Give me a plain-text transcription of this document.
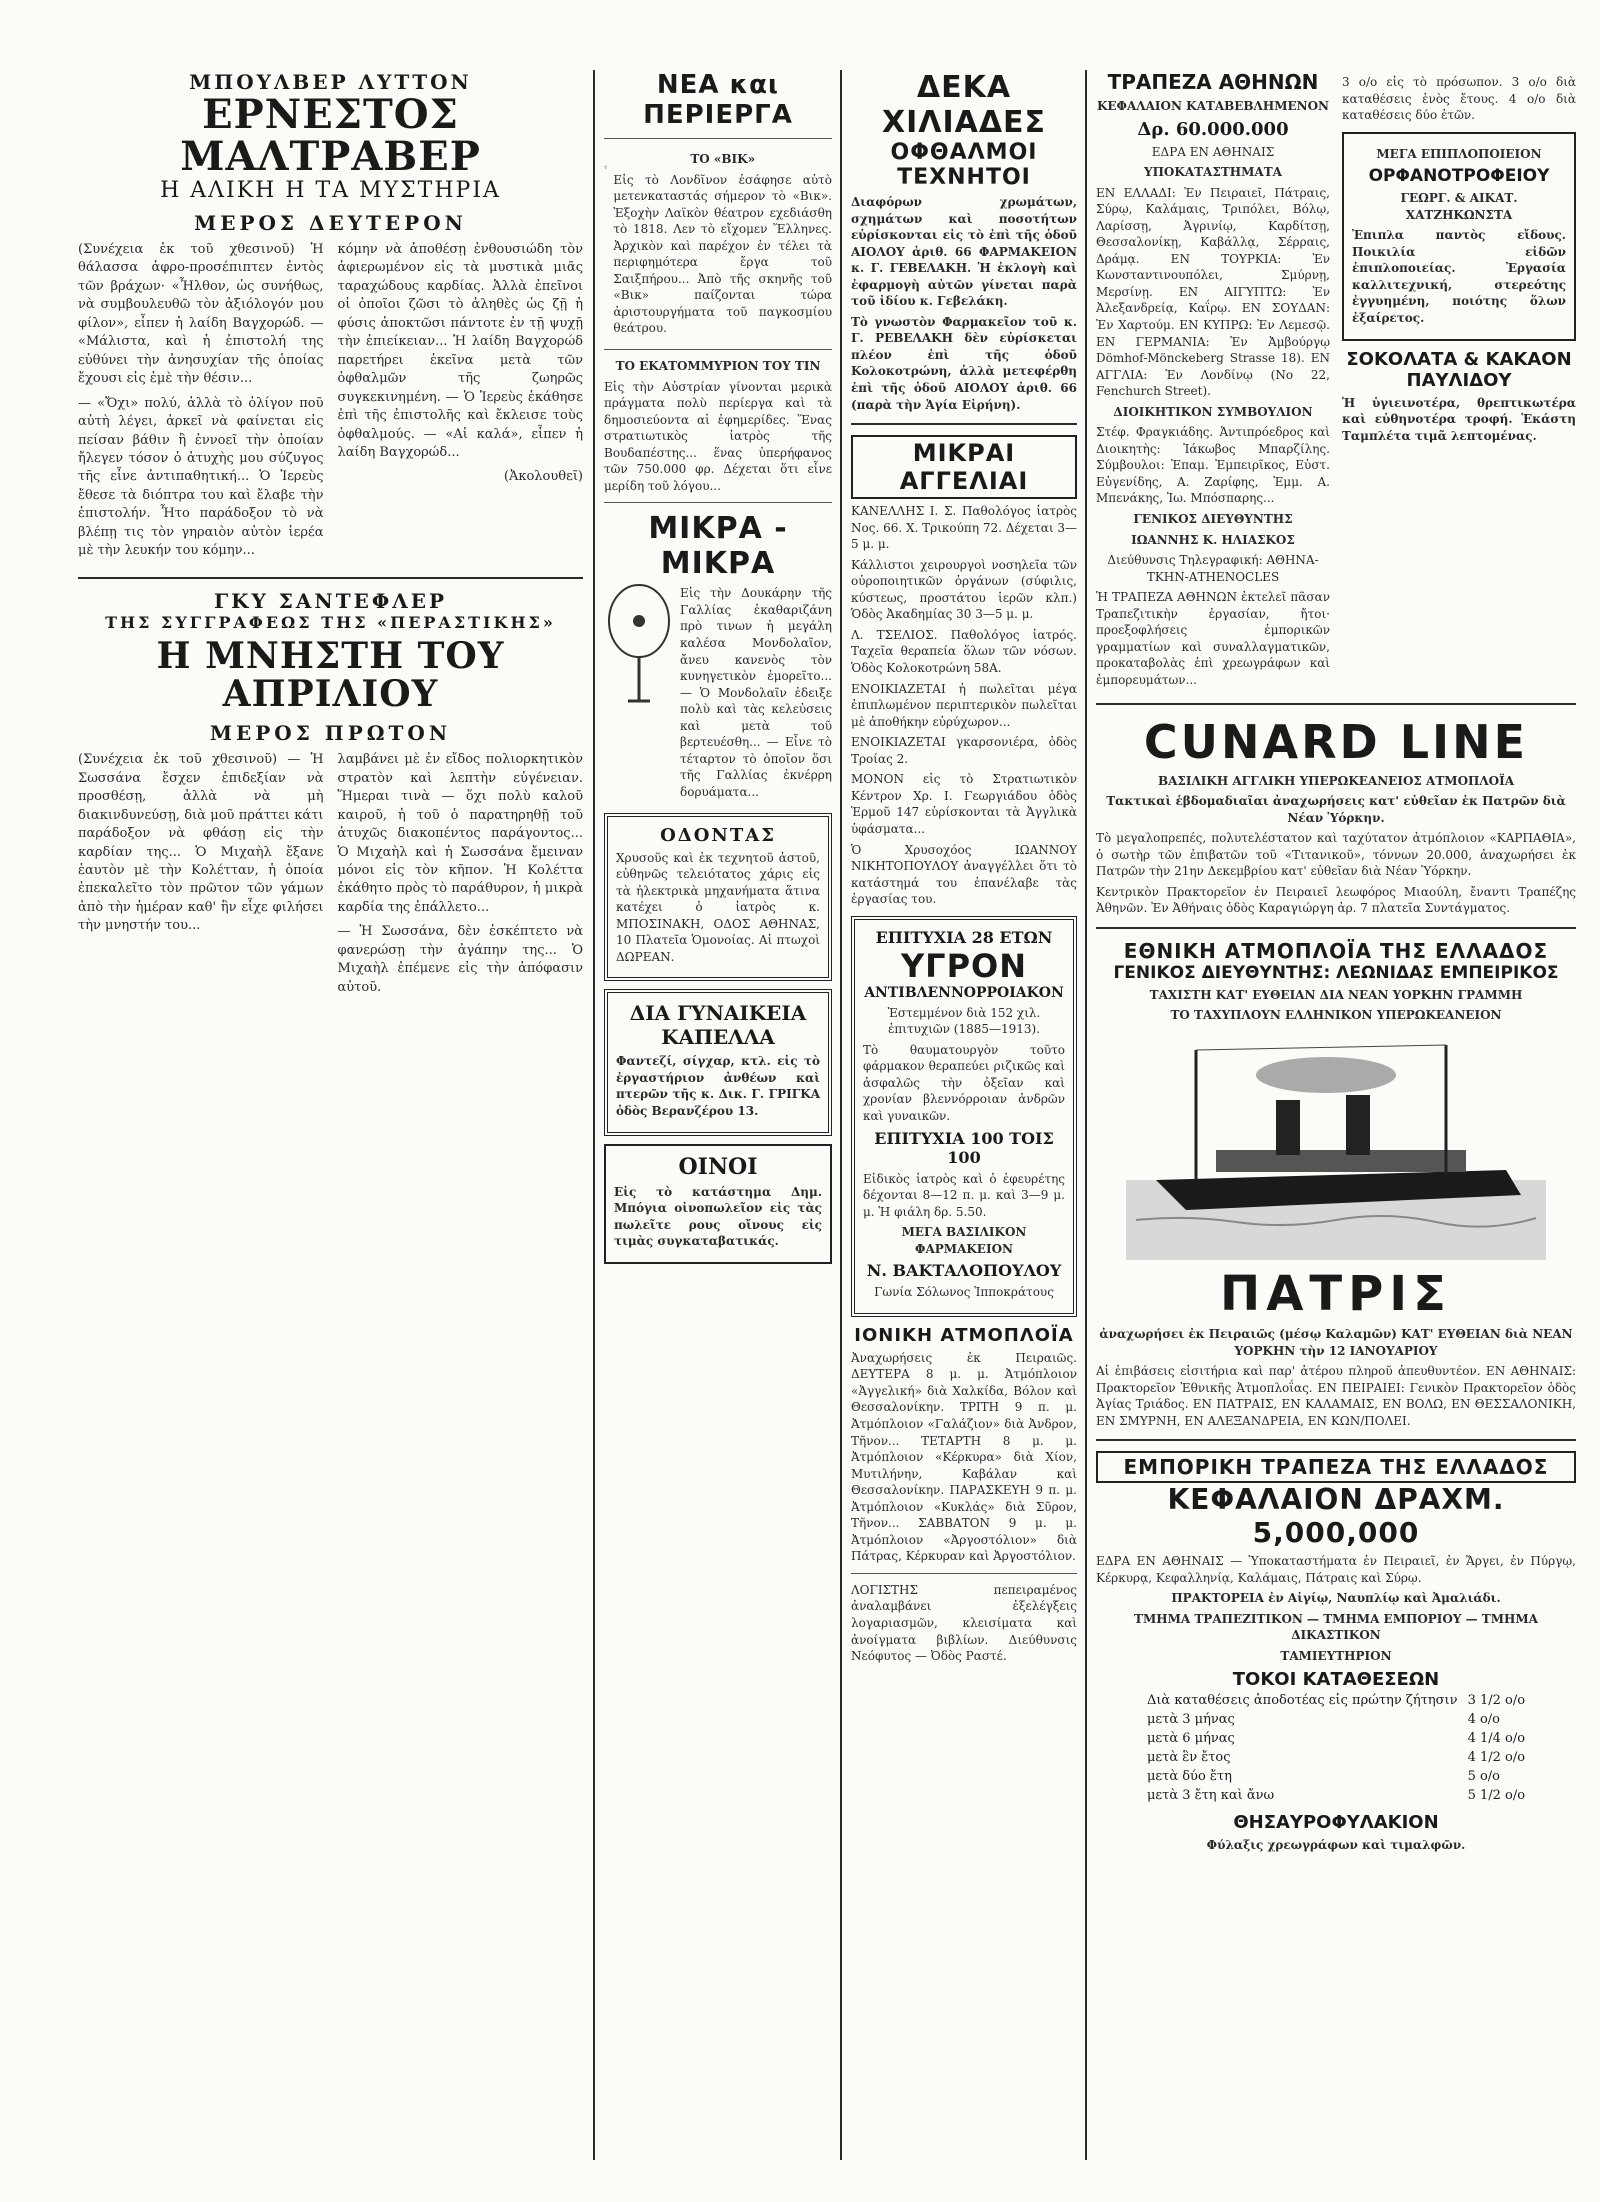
ΜΠΟΥΛΒΕΡ ΛΥΤΤΟΝ
ΕΡΝΕΣΤΟΣ ΜΑΛΤΡΑΒΕΡ
Η ΑΛΙΚΗ Η ΤΑ ΜΥΣΤΗΡΙΑ
ΜΕΡΟΣ ΔΕΥΤΕΡΟΝ

(Συνέχεια ἐκ τοῦ χθεσινοῦ) Ἡ θάλασσα ἀφρο-προσέπιπτεν ἐντὸς τῶν βράχων· «Ἦλθον, ὡς συνήθως, νὰ συμβουλευθῶ τὸν ἀξιόλογόν μου φίλον», εἶπεν ἡ λαίδη Βαγχορώδ. — «Μάλιστα, καὶ ἡ ἐπιστολή της εὐθύνει τὴν ἀνησυχίαν τῆς ὁποίας ἔχουσι εἰς ἐμὲ τὴν θέσιν...

— «Ὄχι» πολύ, ἀλλὰ τὸ ὀλίγον ποῦ αὐτὴ λέγει, ἀρκεῖ νὰ φαίνεται εἰς πείσαν βάθιν ἢ ἐννοεῖ τὴν ὁποίαν ἤλεγεν τόσον ὁ ἀτυχὴς μου σύζυγος τῆς εἶνε ἀντιπαθητική... Ὁ Ἰερεὺς ἔθεσε τὰ διόπτρα του καὶ ἔλαβε τὴν ἐπιστολήν. Ἦτο παράδοξον τὸ νὰ βλέπῃ τις τὸν γηραιὸν αὐτὸν ἱερέα μὲ τὴν λευκήν του κόμην...

κόμην νὰ ἀποθέσῃ ἐνθουσιώδη τὸν ἀφιερωμένον εἰς τὰ μυστικὰ μιᾶς ταραχώδους καρδίας. Ἀλλὰ ἐπεῖνοι οἱ ὁποῖοι ζῶσι τὸ ἀληθὲς ὡς ζῇ ἡ φύσις ἀποκτῶσι πάντοτε ἐν τῇ ψυχῇ τὴν ἐπιείκειαν... Ἡ λαίδη Βαγχορώδ παρετήρει ἐκεῖνα μετὰ τῶν ὀφθαλμῶν τῆς ζωηρῶς συγκεκινημένη. — Ὁ Ἰερεὺς ἐκάθησε ἐπὶ τῆς ἐπιστολῆς καὶ ἔκλεισε τοὺς ὀφθαλμούς. — «Αἱ καλά», εἶπεν ἡ λαίδη Βαγχορώδ...

(Ἀκολουθεῖ)

ΓΚΥ ΣΑΝΤΕΦΛΕΡ
ΤΗΣ ΣΥΓΓΡΑΦΕΩΣ ΤΗΣ «ΠΕΡΑΣΤΙΚΗΣ»
Η ΜΝΗΣΤΗ ΤΟΥ ΑΠΡΙΛΙΟΥ
ΜΕΡΟΣ ΠΡΩΤΟΝ

(Συνέχεια ἐκ τοῦ χθεσινοῦ) — Ἡ Σωσσάνα ἔσχεν ἐπιδεξίαν νὰ προσθέσῃ, ἀλλὰ νὰ μὴ διακινδυνεύσῃ, διὰ μοῦ πράττει κάτι παράδοξον νὰ φθάσῃ εἰς τὴν καρδίαν της... Ὁ Μιχαὴλ ἔξανε ἑαυτὸν μὲ τὴν Κολέτταν, ἡ ὁποία ἐπεκαλεῖτο τὸν πρῶτον τῶν γάμων ἀπὸ τὴν ἡμέραν καθ' ἣν εἶχε φιλήσει τὴν μνηστήν του...

λαμβάνει μὲ ἐν εἴδος πολιορκητικὸν στρατὸν καὶ λεπτὴν εὐγένειαν. Ἥμεραι τινὰ — ὅχι πολὺ καλοῦ καιροῦ, ἡ τοῦ ὁ παρατηρηθῇ τοῦ ἀτυχῶς διακοπέντος παράγοντος... Ὁ Μιχαὴλ καὶ ἡ Σωσσάνα ἔμειναν μόνοι εἰς τὸν κῆπον. Ἡ Κολέττα ἐκάθητο πρὸς τὸ παράθυρον, ἡ μικρὰ καρδία της ἐπάλλετο...

— Ἡ Σωσσάνα, δὲν ἐσκέπτετο νὰ φανερώσῃ τὴν ἀγάπην της... Ὁ Μιχαὴλ ἐπέμενε εἰς τὴν ἀπόφασιν αὐτοῦ.

ΝΕΑ και ΠΕΡΙΕΡΓΑ
ΤΟ «ΒΙΚ»

Εἰς τὸ Λονδῖνον ἐσάφησε αὐτὸ μετενκαταστάς σήμερον τὸ «Βικ». Ἐξοχὴν Λαϊκὸν θέατρον εχεδιάσθη τὸ 1818. Λεν τὸ εἴχομεν Ἕλληνες. Ἀρχικὸν καὶ παρέχον ἐν τέλει τὰ περιφημότερα ἔργα τοῦ Σαιξπήρου... Ἀπὸ τῆς σκηνῆς τοῦ «Βικ» παίζονται τώρα ἀριστουργήματα τοῦ παγκοσμίου θεάτρου.

ΤΟ ΕΚΑΤΟΜΜΥΡΙΟΝ ΤΟΥ ΤΙΝ

Εἰς τὴν Αὐστρίαν γίνονται μερικὰ πράγματα πολὺ περίεργα καὶ τὰ δημοσιεύοντα αἱ ἐφημερίδες. Ἕνας στρατιωτικὸς ἰατρὸς τῆς Βουδαπέστης... ἕνας ὑπερήφανος τῶν 750.000 φρ. Δέχεται ὅτι εἶνε μερίδη τοῦ λόγου...

ΜΙΚΡΑ - ΜΙΚΡΑ

Εἰς τὴν Δουκάρην τῆς Γαλλίας ἐκαθαριζάνη πρὸ τινων ἡ μεγάλη καλέσα Μονδολαῖον, ἄνευ κανενὸς τὸν κυνηγετικὸν ἐμορεῖτο... — Ὁ Μονδολαῖν ἐδειξε πολὺ καὶ τὰς κελεὐσεις καὶ μετὰ τοῦ βερτευέσθη... — Εἶνε τὸ τέταρτον τὸ ὁποῖον ὅσι τῆς Γαλλίας ἐκνέρρη δορυάματα...

ΟΔΟΝΤΑΣ

Χρυσοῦς καὶ ἐκ τεχνητοῦ ἀστοῦ, εὐθηνῶς τελειότατος χάρις εἰς τὰ ἠλεκτρικὰ μηχανήματα ἅτινα κατέχει ὁ ἰατρὸς κ. ΜΠΟΣΙΝΑΚΗ, ΟΔΟΣ ΑΘΗΝΑΣ, 10 Πλατεῖα Ὁμονοίας. Αἱ πτωχοὶ ΔΩΡΕΑΝ.

ΔΙΑ ΓΥΝΑΙΚΕΙΑ ΚΑΠΕΛΛΑ

Φαντεζί, σίγχαρ, κτλ. εἰς τὸ ἐργαστήριον ἀνθέων καὶ πτερῶν τῆς κ. Δικ. Γ. ΓΡΙΓΚΑ ὁδὸς Βερανζέρου 13.

ΟΙΝΟΙ

Εἰς τὸ κατάστημα Δημ. Μπόγια οἰνοπωλεῖον εἰς τὰς πωλεῖτε ρους οἴνους εἰς τιμὰς συγκαταβατικάς.

ΔΕΚΑ ΧΙΛΙΑΔΕΣ
ΟΦΘΑΛΜΟΙ ΤΕΧΝΗΤΟΙ

Διαφόρων χρωμάτων, σχημάτων καὶ ποσοτήτων εὑρίσκονται εἰς τὸ ἐπὶ τῆς ὁδοῦ ΑΙΟΛΟΥ ἀριθ. 66 ΦΑΡΜΑΚΕΙΟΝ κ. Γ. ΓΕΒΕΛΑΚΗ. Ἡ ἐκλογὴ καὶ ἐφαρμογὴ αὐτῶν γίνεται παρὰ τοῦ ἰδίου κ. Γεβελάκη.

Τὸ γνωστὸν Φαρμακεῖον τοῦ κ. Γ. ΡΕΒΕΛΑΚΗ δὲν εὑρίσκεται πλέον ἐπὶ τῆς ὁδοῦ Κολοκοτρώνη, ἀλλὰ μετεφέρθη ἐπὶ τῆς ὁδοῦ ΑΙΟΛΟΥ ἀριθ. 66 (παρὰ τὴν Ἁγία Εἰρήνη).

ΜΙΚΡΑΙ ΑΓΓΕΛΙΑΙ

ΚΑΝΕΛΛΗΣ Ι. Σ. Παθολόγος ἰατρὸς Νος. 66. Χ. Τρικούπη 72. Δέχεται 3—5 μ. μ.

Κάλλιστοι χειρουργοὶ νοσηλεῖα τῶν οὐροποιητικῶν ὀργάνων (σύφιλις, κύστεως, προστάτου ἱερῶν κλπ.) Ὁδὸς Ἀκαδημίας 30 3—5 μ. μ.

Λ. ΤΣΕΛΙΟΣ. Παθολόγος ἰατρός. Ταχεῖα θεραπεία ὅλων τῶν νόσων. Ὁδὸς Κολοκοτρώνη 58Α.

ΕΝΟΙΚΙΑΖΕΤΑΙ ἡ πωλεῖται μέγα ἐπιπλωμένον περιπτερικὸν πωλεῖται μὲ ἀποθήκην εὐρύχωρον...

ΕΝΟΙΚΙΑΖΕΤΑΙ γκαρσονιέρα, ὁδὸς Τροίας 2.

ΜΟΝΟΝ εἰς τὸ Στρατιωτικὸν Κέντρον Χρ. Ι. Γεωργιάδου ὁδὸς Ἑρμοῦ 147 εὑρίσκονται τὰ Ἀγγλικὰ ὑφάσματα...

Ὁ Χρυσοχόος ΙΩΑΝΝΟΥ ΝΙΚΗΤΟΠΟΥΛΟΥ ἀναγγέλλει ὅτι τὸ κατάστημά του ἐπανέλαβε τὰς ἐργασίας του.

ΕΠΙΤΥΧΙΑ 28 ΕΤΩΝ
ΥΓΡΟΝ
ΑΝΤΙΒΛΕΝΝΟΡΡΟΙΑΚΟΝ

Ἐστεμμένον διὰ 152 χιλ. ἐπιτυχιῶν (1885—1913).

Τὸ θαυματουργὸν τοῦτο φάρμακον θεραπεύει ριζικῶς καὶ ἀσφαλῶς τὴν ὀξεῖαν καὶ χρονίαν βλεννόρροιαν ἀνδρῶν καὶ γυναικῶν.

ΕΠΙΤΥΧΙΑ 100 ΤΟΙΣ 100

Εἰδικὸς ἰατρὸς καὶ ὁ ἐφευρέτης δέχονται 8—12 π. μ. καὶ 3—9 μ. μ. Ἡ φιάλη δρ. 5.50.

ΜΕΓΑ ΒΑΣΙΛΙΚΟΝ ΦΑΡΜΑΚΕΙΟΝ
Ν. ΒΑΚΤΑΛΟΠΟΥΛΟΥ
Γωνία Σόλωνος Ἱπποκράτους
ΙΟΝΙΚΗ ΑΤΜΟΠΛΟΪΑ

Ἀναχωρήσεις ἐκ Πειραιῶς. ΔΕΥΤΕΡΑ 8 μ. μ. Ἀτμόπλοιον «Ἀγγελική» διὰ Χαλκίδα, Βόλον καὶ Θεσσαλονίκην. ΤΡΙΤΗ 9 π. μ. Ἀτμόπλοιον «Γαλάζιον» διὰ Ἀνδρον, Τῆνον... ΤΕΤΑΡΤΗ 8 μ. μ. Ἀτμόπλοιον «Κέρκυρα» διὰ Χίον, Μυτιλήνην, Καβάλαν καὶ Θεσσαλονίκην. ΠΑΡΑΣΚΕΥΗ 9 π. μ. Ἀτμόπλοιον «Κυκλάς» διὰ Σῦρον, Τῆνον... ΣΑΒΒΑΤΟΝ 9 μ. μ. Ἀτμόπλοιον «Ἀργοστόλιον» διὰ Πάτρας, Κέρκυραν καὶ Ἀργοστόλιον.

ΛΟΓΙΣΤΗΣ πεπειραμένος ἀναλαμβάνει ἐξελέγξεις λογαριασμῶν, κλεισίματα καὶ ἀνοίγματα βιβλίων. Διεύθυνσις Νεόφυτος — Ὀδὸς Ραστέ.

ΤΡΑΠΕΖΑ ΑΘΗΝΩΝ
ΚΕΦΑΛΑΙΟΝ ΚΑΤΑΒΕΒΛΗΜΕΝΟΝ
Δρ. 60.000.000
ΕΔΡΑ ΕΝ ΑΘΗΝΑΙΣ
ΥΠΟΚΑΤΑΣΤΗΜΑΤΑ

ΕΝ ΕΛΛΑΔΙ: Ἐν Πειραιεῖ, Πάτραις, Σύρῳ, Καλάμαις, Τριπόλει, Βόλῳ, Λαρίσσῃ, Ἀγρινίῳ, Καρδίτσῃ, Θεσσαλονίκῃ, Καβάλλᾳ, Σέρραις, Δράμᾳ. ΕΝ ΤΟΥΡΚΙΑ: Ἐν Κωνσταντινουπόλει, Σμύρνῃ, Μερσίνῃ. ΕΝ ΑΙΓΥΠΤΩ: Ἐν Ἀλεξανδρείᾳ, Καΐρῳ. ΕΝ ΣΟΥΔΑΝ: Ἐν Χαρτούμ. ΕΝ ΚΥΠΡΩ: Ἐν Λεμεσῷ. ΕΝ ΓΕΡΜΑΝΙΑ: Ἐν Ἀμβούργῳ Dömhof-Mönckeberg Strasse 18). ΕΝ ΑΓΓΛΙΑ: Ἐν Λονδίνῳ (No 22, Fenchurch Street).

ΔΙΟΙΚΗΤΙΚΟΝ ΣΥΜΒΟΥΛΙΟΝ

Στέφ. Φραγκιάδης. Ἀντιπρόεδρος καὶ Διοικητὴς: Ἰάκωβος Μπαρζίλης. Σύμβουλοι: Ἐπαμ. Ἐμπειρῖκος, Εὐστ. Εὐγενίδης, Α. Ζαρίφης, Ἐμμ. Α. Μπενάκης, Ἰω. Μπόσπαρης...

ΓΕΝΙΚΟΣ ΔΙΕΥΘΥΝΤΗΣ
ΙΩΑΝΝΗΣ Κ. ΗΛΙΑΣΚΟΣ
Διεύθυνσις Τηλεγραφική: ΑΘΗΝΑ-ΤΚΗΝ-ΑΤΗΕΝΟCLES

Ἡ ΤΡΑΠΕΖΑ ΑΘΗΝΩΝ ἐκτελεῖ πᾶσαν Τραπεζιτικὴν ἐργασίαν, ἤτοι· προεξοφλήσεις ἐμπορικῶν γραμματίων καὶ συναλλαγματικῶν, προκαταβολὰς ἐπὶ χρεωγράφων καὶ ἐμπορευμάτων...

3 ο/ο εἰς τὸ πρόσωπον. 3 ο/ο διὰ καταθέσεις ἑνὸς ἔτους. 4 ο/ο διὰ καταθέσεις δύο ἐτῶν.

ΜΕΓΑ ΕΠΙΠΛΟΠΟΙΕΙΟΝ
ΟΡΦΑΝΟΤΡΟΦΕΙΟΥ
ΓΕΩΡΓ. & ΑΙΚΑΤ. ΧΑΤΖΗΚΩΝΣΤΑ

Ἐπιπλα παντὸς εἴδους. Ποικιλία εἰδῶν ἐπιπλοποιείας. Ἐργασία καλλιτεχνική, στερεότης ἐγγυημένη, ποιότης ὅλων ἐξαίρετος.

ΣΟΚΟΛΑΤΑ & ΚΑΚΑΟΝ
ΠΑΥΛΙΔΟΥ

Ἡ ὑγιεινοτέρα, θρεπτικωτέρα καὶ εὐθηνοτέρα τροφή. Ἑκάστη Ταμπλέτα τιμᾶ λεπτομένας.

CUNARD LINE
ΒΑΣΙΛΙΚΗ ΑΓΓΛΙΚΗ ΥΠΕΡΩΚΕΑΝΕΙΟΣ ΑΤΜΟΠΛΟΪΑ
Τακτικαὶ ἑβδομαδιαῖαι ἀναχωρήσεις κατ' εὐθεῖαν ἐκ Πατρῶν διὰ Νέαν Ὑόρκην.

Τὸ μεγαλοπρεπές, πολυτελέστατον καὶ ταχύτατον ἀτμόπλοιον «ΚΑΡΠΑΘΙΑ», ὁ σωτὴρ τῶν ἐπιβατῶν τοῦ «Τιτανικοῦ», τόννων 20.000, ἀναχωρήσει ἐκ Πατρῶν τὴν 21ην Δεκεμβρίου κατ' εὐθεῖαν διὰ Νέαν Ὑόρκην.

Κεντρικὸν Πρακτορεῖον ἐν Πειραιεῖ λεωφόρος Μιαούλη, ἔναντι Τραπέζης Ἀθηνῶν. Ἐν Ἀθήναις ὁδὸς Καραγιώργη ἀρ. 7 πλατεῖα Συντάγματος.

ΕΘΝΙΚΗ ΑΤΜΟΠΛΟΪΑ ΤΗΣ ΕΛΛΑΔΟΣ
ΓΕΝΙΚΟΣ ΔΙΕΥΘΥΝΤΗΣ: ΛΕΩΝΙΔΑΣ ΕΜΠΕΙΡΙΚΟΣ
ΤΑΧΙΣΤΗ ΚΑΤ' ΕΥΘΕΙΑΝ ΔΙΑ ΝΕΑΝ ΥΟΡΚΗΝ ΓΡΑΜΜΗ
ΤΟ ΤΑΧΥΠΛΟΥΝ ΕΛΛΗΝΙΚΟΝ ΥΠΕΡΩΚΕΑΝΕΙΟΝ
ΠΑΤΡΙΣ
ἀναχωρήσει ἐκ Πειραιῶς (μέσῳ Καλαμῶν) ΚΑΤ' ΕΥΘΕΙΑΝ διὰ ΝΕΑΝ ΥΟΡΚΗΝ τὴν 12 ΙΑΝΟΥΑΡΙΟΥ

Αἱ ἐπιβάσεις εἰσιτήρια καὶ παρ' ἀτέρου πληροῦ ἀπευθυντέον. ΕΝ ΑΘΗΝΑΙΣ: Πρακτορεῖον Ἐθνικῆς Ἀτμοπλοΐας. ΕΝ ΠΕΙΡΑΙΕΙ: Γενικὸν Πρακτορεῖον ὁδὸς Ἀγίας Τριάδος. ΕΝ ΠΑΤΡΑΙΣ, ΕΝ ΚΑΛΑΜΑΙΣ, ΕΝ ΒΟΛΩ, ΕΝ ΘΕΣΣΑΛΟΝΙΚΗ, ΕΝ ΣΜΥΡΝΗ, ΕΝ ΑΛΕΞΑΝΔΡΕΙΑ, ΕΝ ΚΩΝ/ΠΟΛΕΙ.

ΕΜΠΟΡΙΚΗ ΤΡΑΠΕΖΑ ΤΗΣ ΕΛΛΑΔΟΣ
ΚΕΦΑΛΑΙΟΝ ΔΡΑΧΜ. 5,000,000

ΕΔΡΑ ΕΝ ΑΘΗΝΑΙΣ — Ὑποκαταστήματα ἐν Πειραιεῖ, ἐν Ἄργει, ἐν Πύργῳ, Κέρκυρᾳ, Κεφαλληνίᾳ, Καλάμαις, Πάτραις καὶ Σύρῳ.

ΠΡΑΚΤΟΡΕΙΑ ἐν Αἰγίῳ, Ναυπλίῳ καὶ Ἀμαλιάδι.
ΤΜΗΜΑ ΤΡΑΠΕΖΙΤΙΚΟΝ — ΤΜΗΜΑ ΕΜΠΟΡΙΟΥ — ΤΜΗΜΑ ΔΙΚΑΣΤΙΚΟΝ
ΤΑΜΙΕΥΤΗΡΙΟΝ
ΤΟΚΟΙ ΚΑΤΑΘΕΣΕΩΝ
Διὰ καταθέσεις ἀποδοτέας εἰς πρώτην ζήτησιν	3 1/2 ο/ο
μετὰ 3 μήνας	4 ο/ο
μετὰ 6 μήνας	4 1/4 ο/ο
μετὰ ἓν ἔτος	4 1/2 ο/ο
μετὰ δύο ἔτη	5 ο/ο
μετὰ 3 ἔτη καὶ ἄνω	5 1/2 ο/ο
ΘΗΣΑΥΡΟΦΥΛΑΚΙΟΝ
Φύλαξις χρεωγράφων καὶ τιμαλφῶν.
